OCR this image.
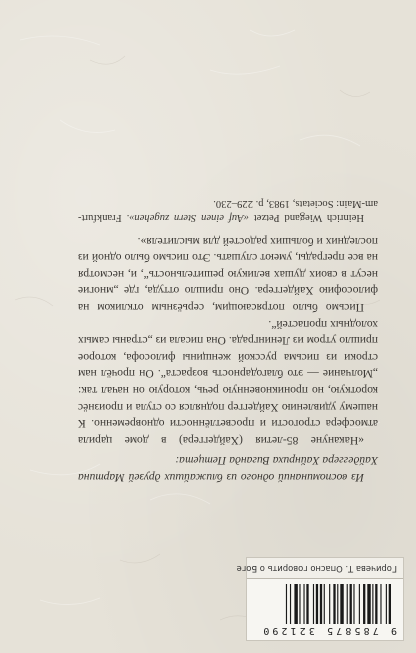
Из воспоминаний одного из ближайших друзей Мартина Хайдеггера Хайнриха Виганда Петцета:

«Накануне 85-летия (Хайдеггера) в доме царила атмосфера строгости и просветлённости одновременно. К нашему удивлению Хайдеггер поднялся со стула и произнёс короткую, но проникновенную речь, которую он начал так: „Молчание — это благодарность возраста“. Он прочёл нам строки из письма русской женщины философа, которое пришло утром из Ленинграда. Она писала из „страны самых холодных пропастей“.

Письмо было потрясающим, серьёзным откликом на философию Хайдеггера. Оно пришло оттуда, где „многие несут в своих душах великую решительность“, и, несмотря на все преграды, умеют слушать. Это письмо было одной из последних и больших радостей для мыслителя».

Heinrich Wiegand Petzet «Auf einen Stern zugehen». Frankfurt-am-Main: Societats, 1983, p. 229–230.
9 785875 321290
Горичева Т. Опасно говорить о Боге
